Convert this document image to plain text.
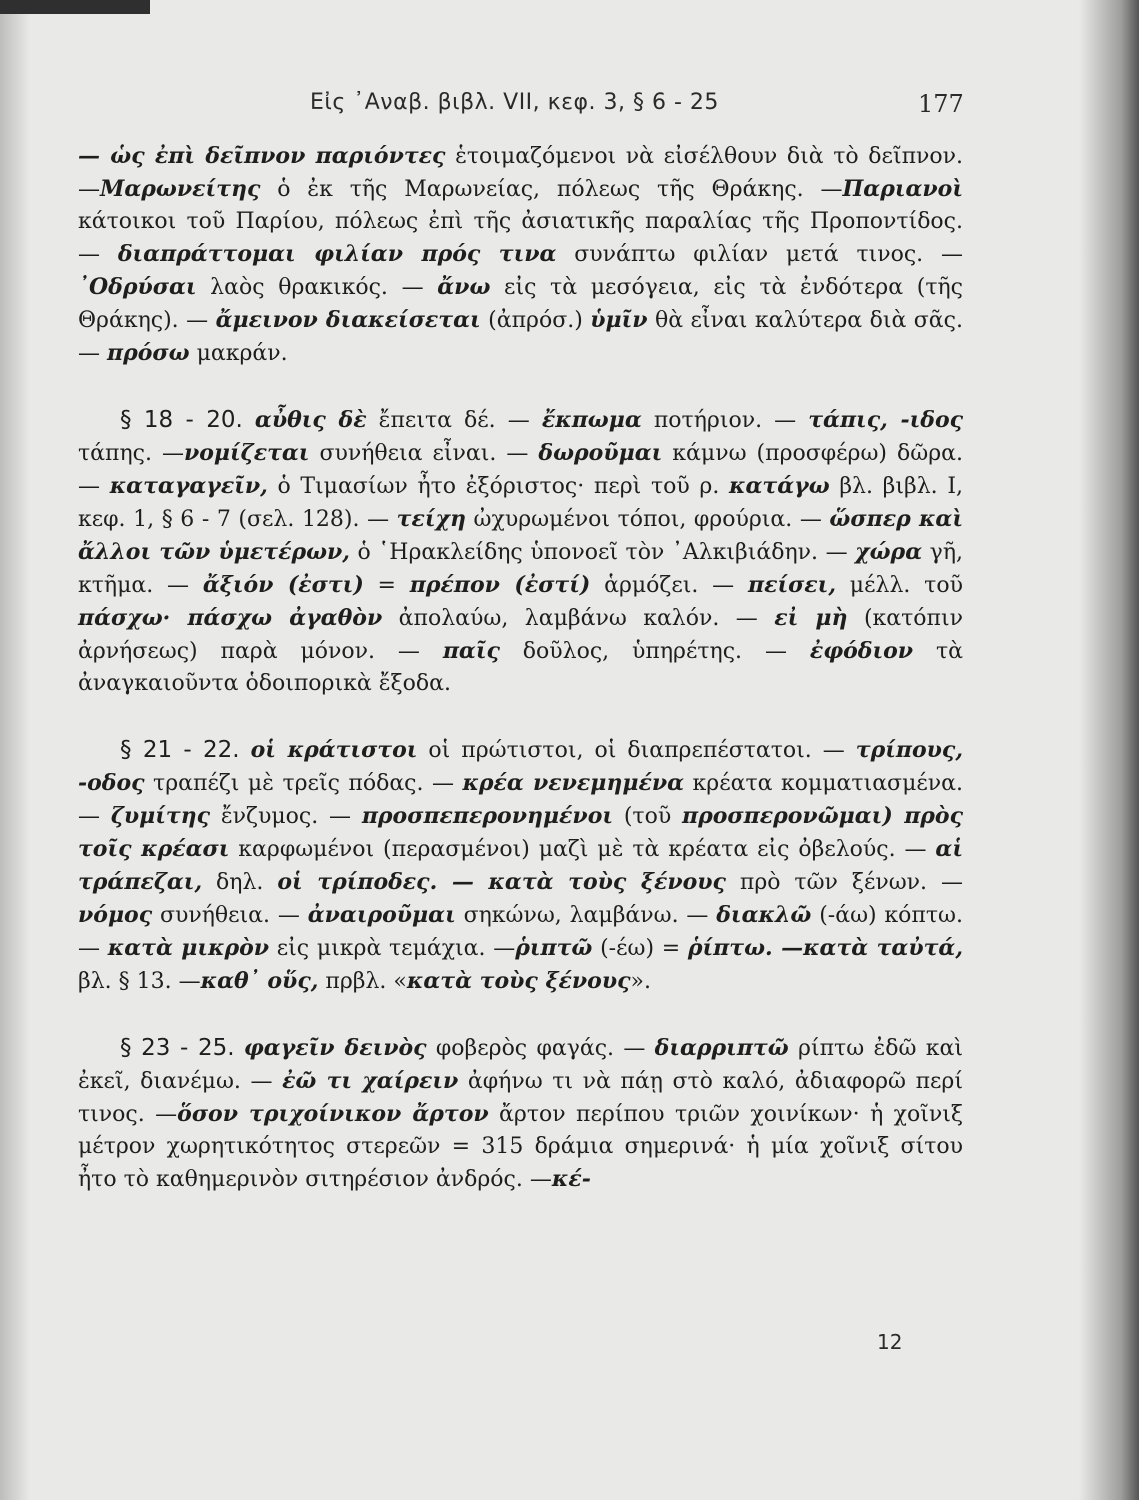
Εἰς ᾿Αναβ. βιβλ. VII, κεφ. 3, § 6 - 25	177

— ὡς ἐπὶ δεῖπνον παριόντες ἑτοιμαζόμενοι νὰ εἰσέλθουν διὰ τὸ δεῖπνον. —Μαρωνείτης ὁ ἐκ τῆς Μαρωνείας, πόλεως τῆς Θράκης. —Παριανοὶ κάτοικοι τοῦ Παρίου, πόλεως ἐπὶ τῆς ἀσιατικῆς παραλίας τῆς Προποντίδος. — διαπράττομαι φιλίαν πρός τινα συνάπτω φιλίαν μετά τινος. —᾿Οδρύσαι λαὸς θρακικός. — ἄνω εἰς τὰ μεσόγεια, εἰς τὰ ἐνδότερα (τῆς Θράκης). — ἄμεινον διακείσεται (ἀπρόσ.) ὑμῖν θὰ εἶναι καλύτερα διὰ σᾶς. — πρόσω μακράν.

§ 18 - 20. αὖθις δὲ ἔπειτα δέ. — ἔκπωμα ποτήριον. — τάπις, -ιδος τάπης. —νομίζεται συνήθεια εἶναι. — δωροῦμαι κάμνω (προσφέρω) δῶρα. — καταγαγεῖν, ὁ Τιμασίων ἦτο ἐξόριστος· περὶ τοῦ ρ. κατάγω βλ. βιβλ. I, κεφ. 1, § 6 - 7 (σελ. 128). — τείχη ὠχυρωμένοι τόποι, φρούρια. — ὥσπερ καὶ ἄλλοι τῶν ὑμετέρων, ὁ ῾Ηρακλείδης ὑπονοεῖ τὸν ᾿Αλκιβιάδην. — χώρα γῆ, κτῆμα. — ἄξιόν (ἐστι) = πρέπον (ἐστί) ἁρμόζει. — πείσει, μέλλ. τοῦ πάσχω· πάσχω ἀγαθὸν ἀπολαύω, λαμβάνω καλόν. — εἰ μὴ (κατόπιν ἀρνήσεως) παρὰ μόνον. — παῖς δοῦλος, ὑπηρέτης. — ἐφόδιον τὰ ἀναγκαιοῦντα ὁδοιπορικὰ ἔξοδα.

§ 21 - 22. οἱ κράτιστοι οἱ πρώτιστοι, οἱ διαπρεπέστατοι. — τρίπους, -οδος τραπέζι μὲ τρεῖς πόδας. — κρέα νενεμημένα κρέατα κομματιασμένα. — ζυμίτης ἔνζυμος. — προσπεπερονημένοι (τοῦ προσπερονῶμαι) πρὸς τοῖς κρέασι καρφωμένοι (περασμένοι) μαζὶ μὲ τὰ κρέατα εἰς ὀβελούς. — αἱ τράπεζαι, δηλ. οἱ τρίποδες. — κατὰ τοὺς ξένους πρὸ τῶν ξένων. — νόμος συνήθεια. — ἀναιροῦμαι σηκώνω, λαμβάνω. — διακλῶ (-άω) κόπτω. — κατὰ μικρὸν εἰς μικρὰ τεμάχια. —ῥιπτῶ (-έω) = ῥίπτω. —κατὰ ταὐτά, βλ. § 13. —καθ᾿ οὕς, πρβλ. «κατὰ τοὺς ξένους».

§ 23 - 25. φαγεῖν δεινὸς φοβερὸς φαγάς. — διαρριπτῶ ρίπτω ἐδῶ καὶ ἐκεῖ, διανέμω. — ἐῶ τι χαίρειν ἀφήνω τι νὰ πάῃ στὸ καλό, ἀδιαφορῶ περί τινος. —ὅσον τριχοίνικον ἄρτον ἄρτον περίπου τριῶν χοινίκων· ἡ χοῖνιξ μέτρον χωρητικότητος στερεῶν = 315 δράμια σημερινά· ἡ μία χοῖνιξ σίτου ἦτο τὸ καθημερινὸν σιτηρέσιον ἀνδρός. —κέ-

12
